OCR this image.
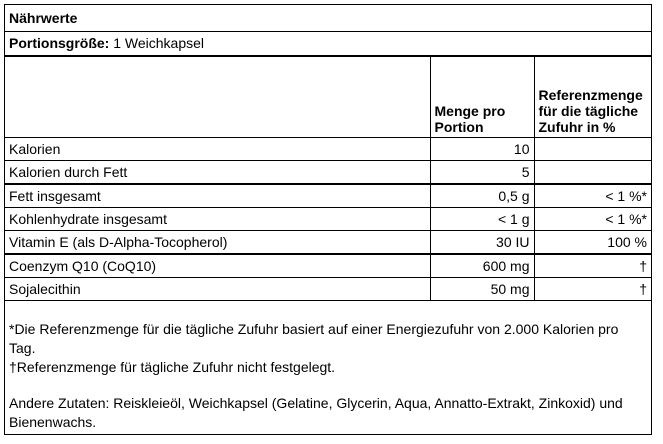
Nährwerte
Portionsgröße: 1 Weichkapsel
	Menge pro Portion	Referenzmenge für die tägliche Zufuhr in %
Kalorien	10	
Kalorien durch Fett	5	
Fett insgesamt	0,5 g	< 1 %*
Kohlenhydrate insgesamt	< 1 g	< 1 %*
Vitamin E (als D-Alpha-Tocopherol)	30 IU	100 %
Coenzym Q10 (CoQ10)	600 mg	†
Sojalecithin	50 mg	†

*Die Referenzmenge für die tägliche Zufuhr basiert auf einer Energiezufuhr von 2.000 Kalorien pro Tag.

†Referenzmenge für tägliche Zufuhr nicht festgelegt.

Andere Zutaten: Reiskleieöl, Weichkapsel (Gelatine, Glycerin, Aqua, Annatto-Extrakt, Zinkoxid) und Bienenwachs.
